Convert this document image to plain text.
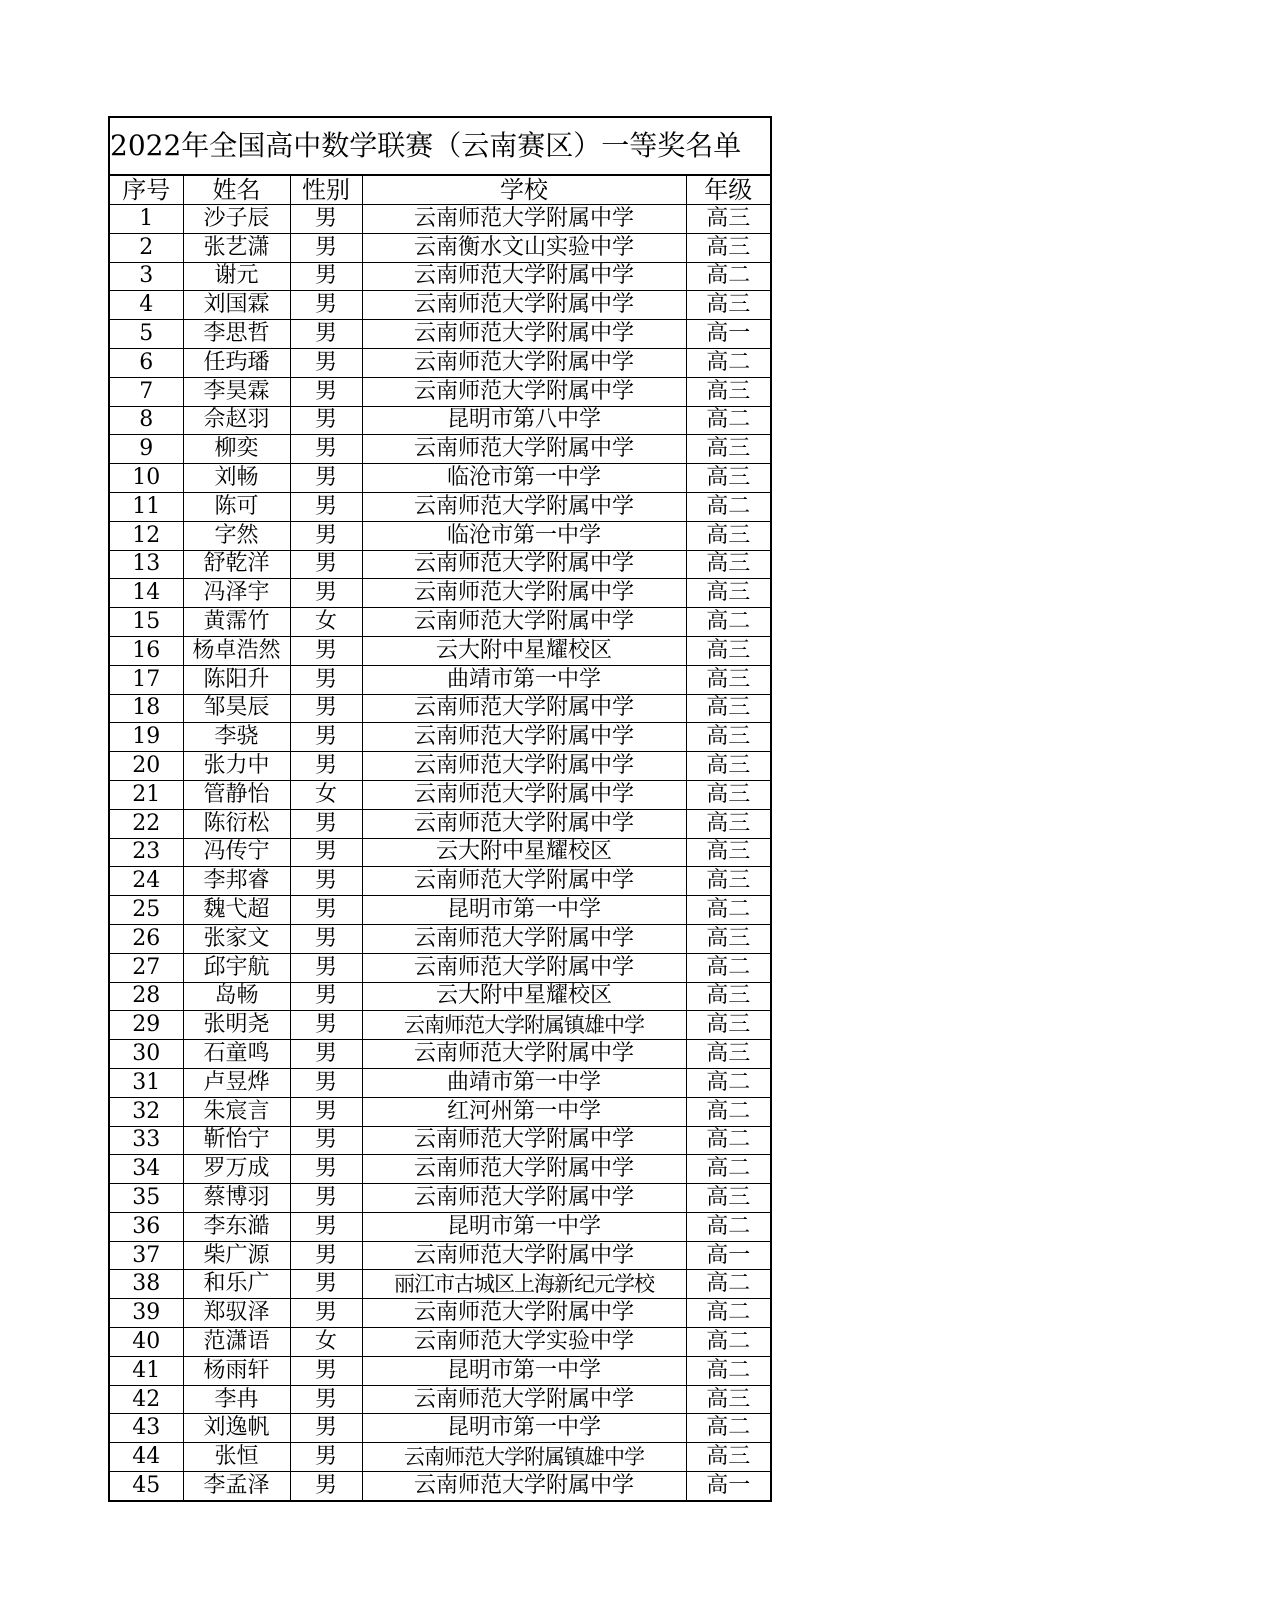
2022年全国高中数学联赛（云南赛区）一等奖名单
序号	姓名	性别	学校	年级
1	沙子辰	男	云南师范大学附属中学	高三
2	张艺潇	男	云南衡水文山实验中学	高三
3	谢元	男	云南师范大学附属中学	高二
4	刘国霖	男	云南师范大学附属中学	高三
5	李思哲	男	云南师范大学附属中学	高一
6	任玙璠	男	云南师范大学附属中学	高二
7	李昊霖	男	云南师范大学附属中学	高三
8	佘赵羽	男	昆明市第八中学	高二
9	柳奕	男	云南师范大学附属中学	高三
10	刘畅	男	临沧市第一中学	高三
11	陈可	男	云南师范大学附属中学	高二
12	字然	男	临沧市第一中学	高三
13	舒乾洋	男	云南师范大学附属中学	高三
14	冯泽宇	男	云南师范大学附属中学	高三
15	黄霈竹	女	云南师范大学附属中学	高二
16	杨卓浩然	男	云大附中星耀校区	高三
17	陈阳升	男	曲靖市第一中学	高三
18	邹昊辰	男	云南师范大学附属中学	高三
19	李骁	男	云南师范大学附属中学	高三
20	张力中	男	云南师范大学附属中学	高三
21	管静怡	女	云南师范大学附属中学	高三
22	陈衍松	男	云南师范大学附属中学	高三
23	冯传宁	男	云大附中星耀校区	高三
24	李邦睿	男	云南师范大学附属中学	高三
25	魏弋超	男	昆明市第一中学	高二
26	张家文	男	云南师范大学附属中学	高三
27	邱宇航	男	云南师范大学附属中学	高二
28	岛畅	男	云大附中星耀校区	高三
29	张明尧	男	云南师范大学附属镇雄中学	高三
30	石童鸣	男	云南师范大学附属中学	高三
31	卢昱烨	男	曲靖市第一中学	高二
32	朱宸言	男	红河州第一中学	高二
33	靳怡宁	男	云南师范大学附属中学	高二
34	罗万成	男	云南师范大学附属中学	高二
35	蔡博羽	男	云南师范大学附属中学	高三
36	李东澔	男	昆明市第一中学	高二
37	柴广源	男	云南师范大学附属中学	高一
38	和乐广	男	丽江市古城区上海新纪元学校	高二
39	郑驭泽	男	云南师范大学附属中学	高二
40	范潇语	女	云南师范大学实验中学	高二
41	杨雨轩	男	昆明市第一中学	高二
42	李冉	男	云南师范大学附属中学	高三
43	刘逸帆	男	昆明市第一中学	高二
44	张恒	男	云南师范大学附属镇雄中学	高三
45	李孟泽	男	云南师范大学附属中学	高一
